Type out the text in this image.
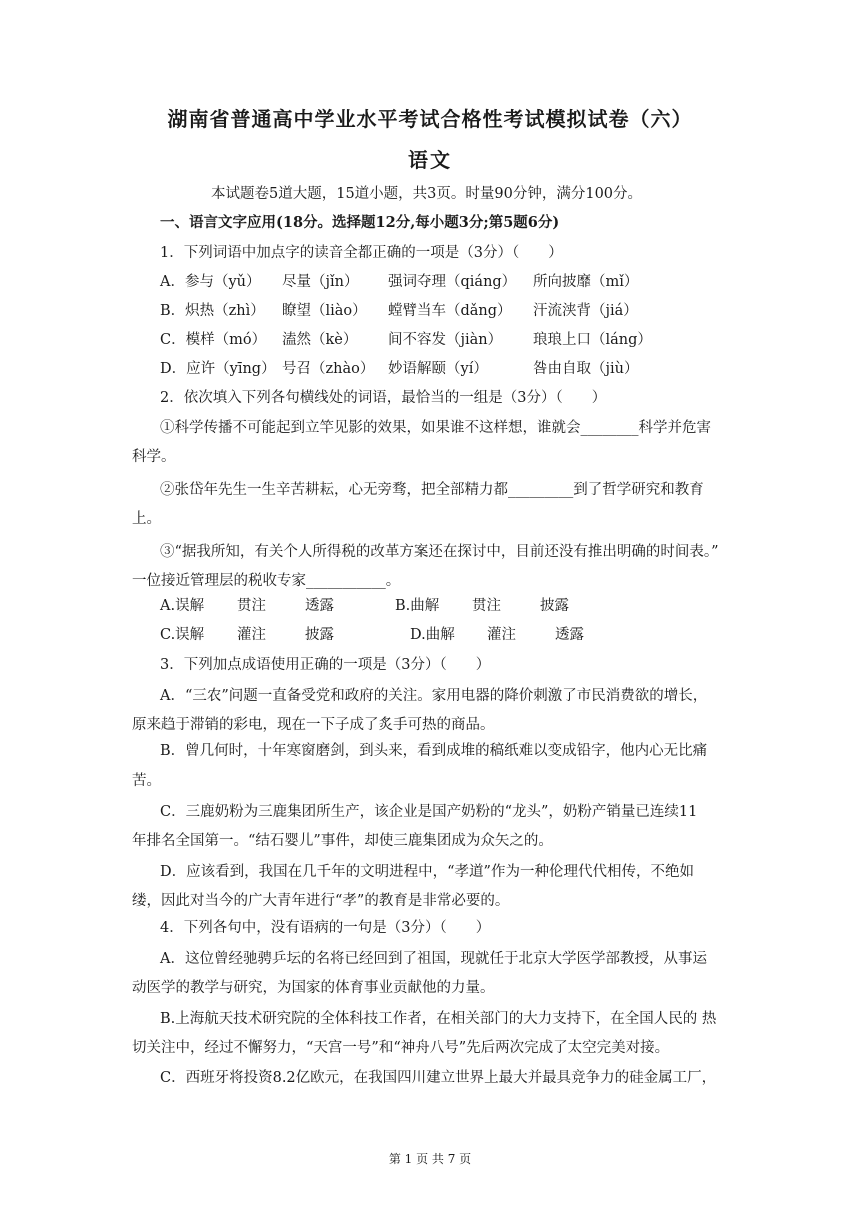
湖南省普通高中学业水平考试合格性考试模拟试卷（六）
语文
本试题卷5道大题，15道小题，共3页。时量90分钟，满分100分。
一、语言文字应用(18分。选择题12分,每小题3分;第5题6分)
1．下列词语中加点字的读音全都正确的一项是（3分）（　　）
A．参与（yǔ） 尽量（jǐn） 强词夺理（qiáng） 所向披靡（mǐ）
B．炽热（zhì） 瞭望（liào） 螳臂当车（dǎng） 汗流浃背（jiá）
C．模样（mó） 溘然（kè） 间不容发（jiàn） 琅琅上口（láng）
D．应许（yīng） 号召（zhào） 妙语解颐（yí）	咎由自取（jiù）
2．依次填入下列各句横线处的词语，最恰当的一组是（3分）（　　）
①科学传播不可能起到立竿见影的效果，如果谁不这样想，谁就会________科学并危害
科学。
②张岱年先生一生辛苦耕耘，心无旁骛，把全部精力都_________到了哲学研究和教育
上。
③“据我所知，有关个人所得税的改革方案还在探讨中，目前还没有推出明确的时间表。”
一位接近管理层的税收专家___________。
A.误解 贯注	透露	B.曲解 贯注	披露
C.误解 灌注	披露	D.曲解 灌注	透露
3．下列加点成语使用正确的一项是（3分）（　　）
A．“三农”问题一直备受党和政府的关注。家用电器的降价刺激了市民消费欲的增长，
原来趋于滞销的彩电，现在一下子成了炙手可热的商品。
B．曾几何时，十年寒窗磨剑，到头来，看到成堆的稿纸难以变成铅字，他内心无比痛
苦。
C．三鹿奶粉为三鹿集团所生产，该企业是国产奶粉的“龙头”，奶粉产销量已连续11
年排名全国第一。“结石婴儿”事件，却使三鹿集团成为众矢之的。
D．应该看到，我国在几千年的文明进程中，“孝道”作为一种伦理代代相传，不绝如
缕，因此对当今的广大青年进行“孝”的教育是非常必要的。
4．下列各句中，没有语病的一句是（3分）（　　）
A．这位曾经驰骋乒坛的名将已经回到了祖国，现就任于北京大学医学部教授，从事运
动医学的教学与研究，为国家的体育事业贡献他的力量。
B.上海航天技术研究院的全体科技工作者，在相关部门的大力支持下，在全国人民的 热
切关注中，经过不懈努力，“天宫一号”和“神舟八号”先后两次完成了太空完美对接。
C．西班牙将投资8.2亿欧元，在我国四川建立世界上最大并最具竞争力的硅金属工厂，
第 1 页 共 7 页
